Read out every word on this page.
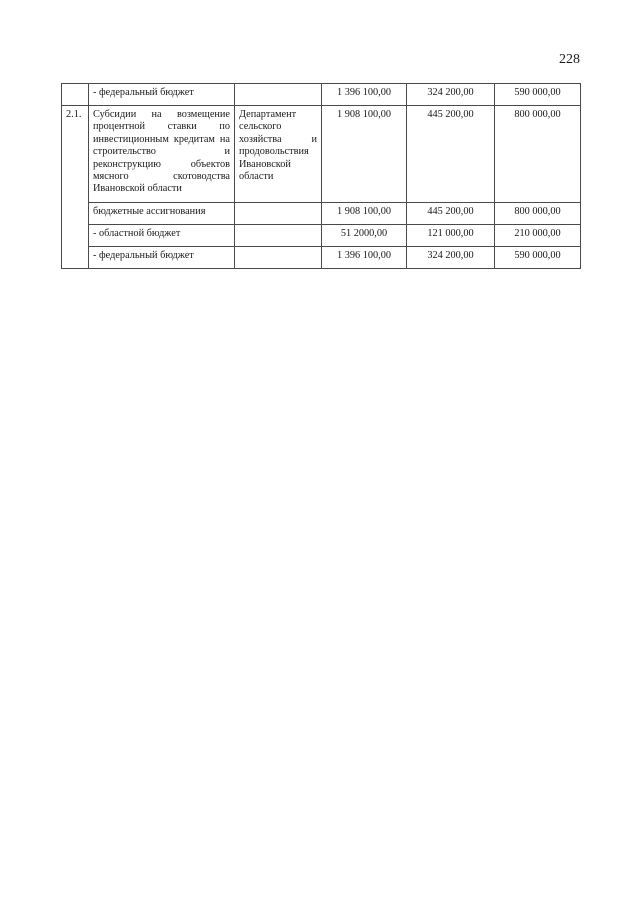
228
	- федеральный бюджет		1 396 100,00	324 200,00	590 000,00
2.1.	Субсидии на возмещение процентной ставки по инвестиционным кредитам на строительство и реконструкцию объектов мясного скотоводства Ивановской области	Департамент сельского хозяйства и продовольствия Ивановской области	1 908 100,00	445 200,00	800 000,00
	бюджетные ассигнования		1 908 100,00	445 200,00	800 000,00
	- областной бюджет		51 2000,00	121 000,00	210 000,00
	- федеральный бюджет		1 396 100,00	324 200,00	590 000,00
